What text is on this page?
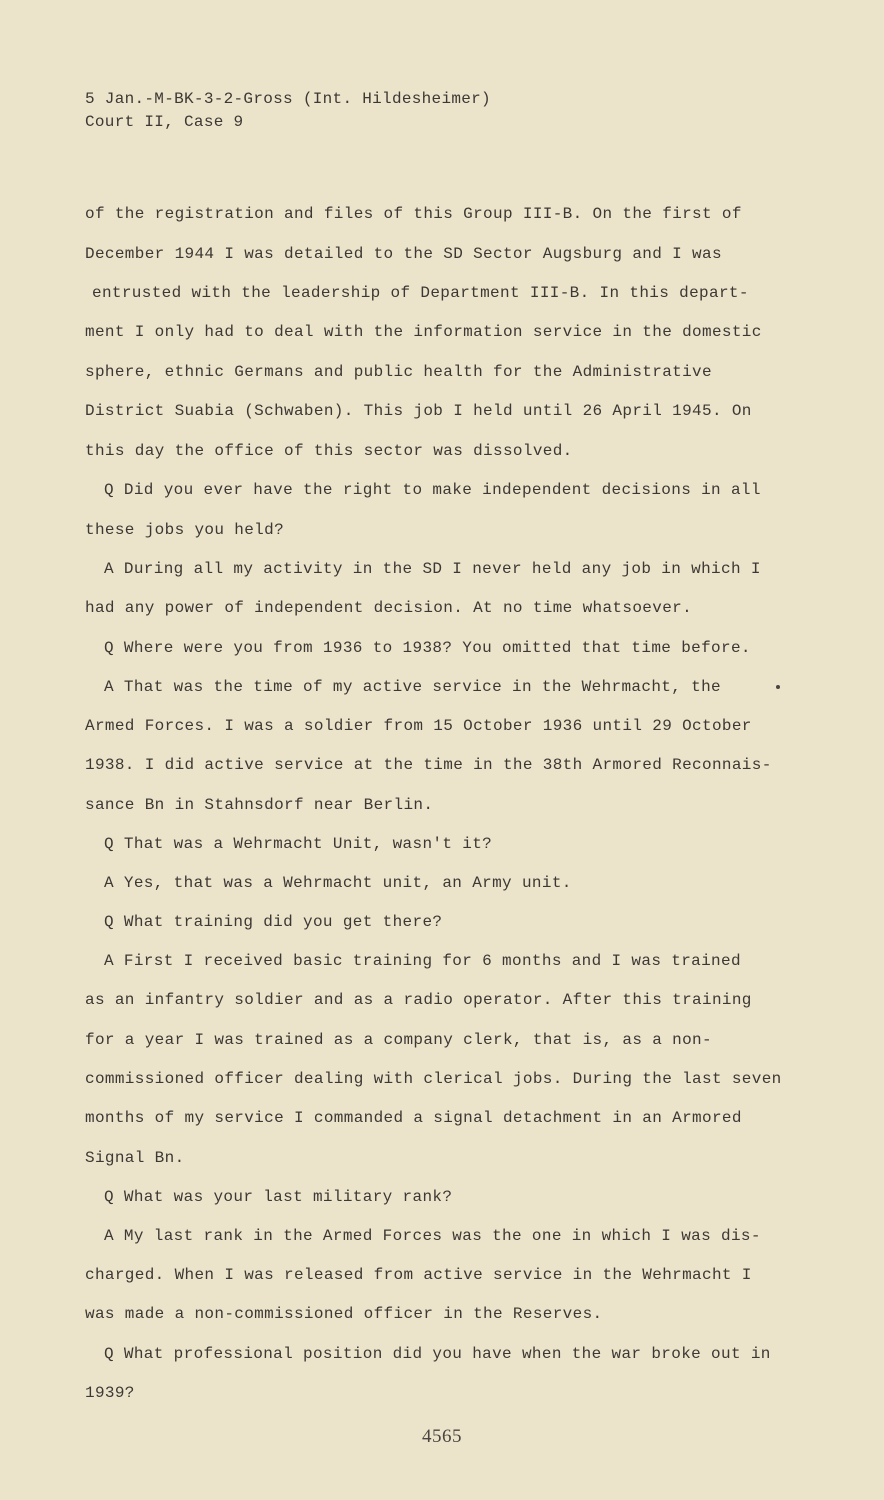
5 Jan.-M-BK-3-2-Gross (Int. Hildesheimer)
Court II, Case 9
of the registration and files of this Group III-B. On the first of
December 1944 I was detailed to the SD Sector Augsburg and I was
entrusted with the leadership of Department III-B. In this depart-
ment I only had to deal with the information service in the domestic
sphere, ethnic Germans and public health for the Administrative
District Suabia (Schwaben). This job I held until 26 April 1945. On
this day the office of this sector was dissolved.
Q Did you ever have the right to make independent decisions in all
these jobs you held?
A During all my activity in the SD I never held any job in which I
had any power of independent decision. At no time whatsoever.
Q Where were you from 1936 to 1938? You omitted that time before.
A That was the time of my active service in the Wehrmacht, the
Armed Forces. I was a soldier from 15 October 1936 until 29 October
1938. I did active service at the time in the 38th Armored Reconnais-
sance Bn in Stahnsdorf near Berlin.
Q That was a Wehrmacht Unit, wasn't it?
A Yes, that was a Wehrmacht unit, an Army unit.
Q What training did you get there?
A First I received basic training for 6 months and I was trained
as an infantry soldier and as a radio operator. After this training
for a year I was trained as a company clerk, that is, as a non-
commissioned officer dealing with clerical jobs. During the last seven
months of my service I commanded a signal detachment in an Armored
Signal Bn.
Q What was your last military rank?
A My last rank in the Armed Forces was the one in which I was dis-
charged. When I was released from active service in the Wehrmacht I
was made a non-commissioned officer in the Reserves.
Q What professional position did you have when the war broke out in
1939?
4565
